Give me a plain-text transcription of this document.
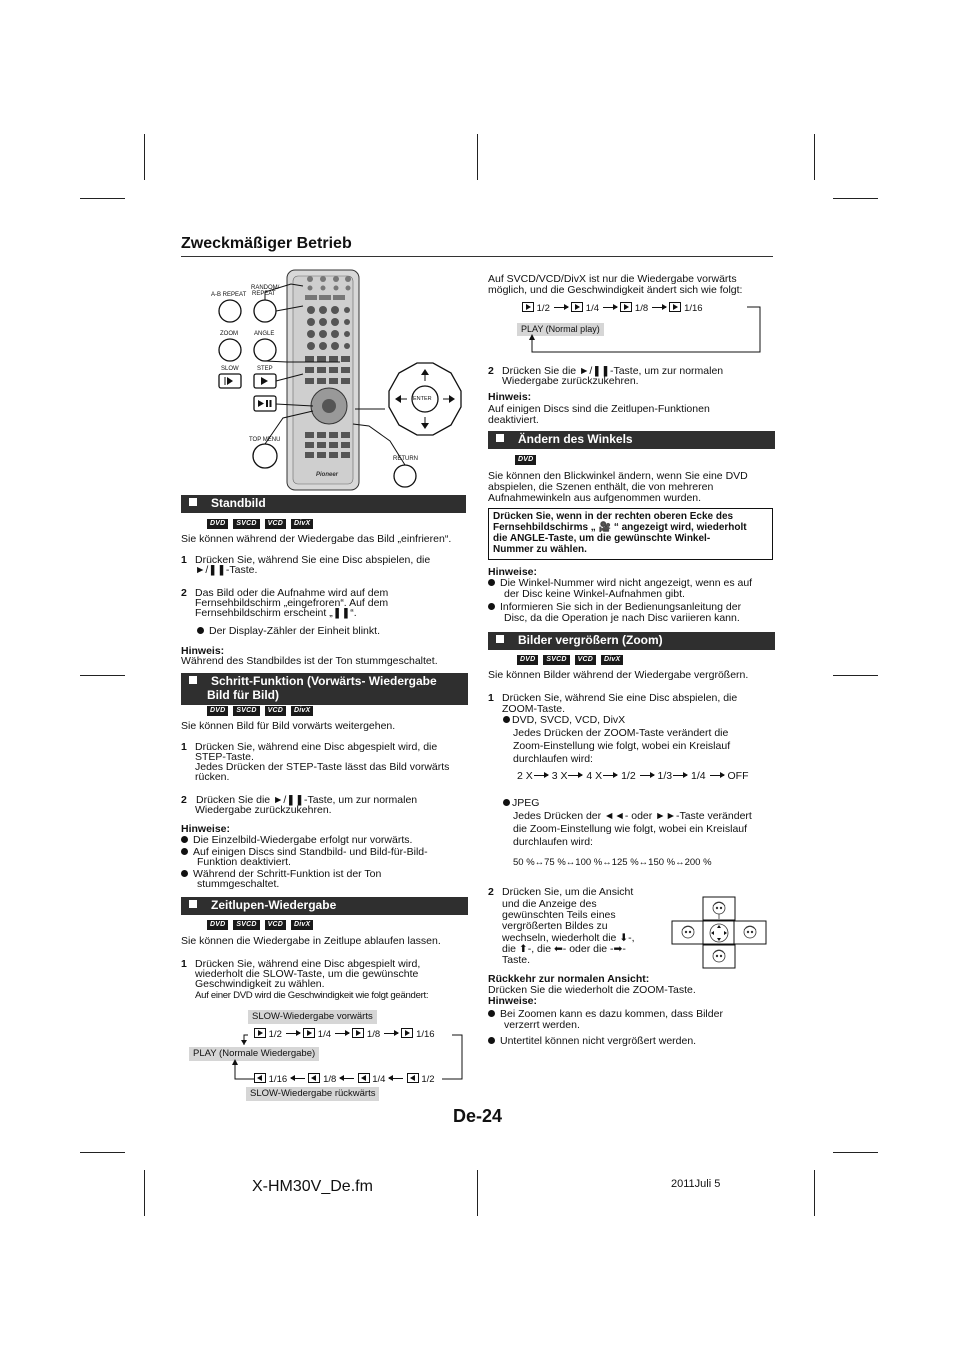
Zweckmäßiger Betrieb
A-B REPEAT
RANDOM/
REPEAT
ZOOM	ANGLE
SLOW	STEP
TOP MENU
RETURN
ENTER
Pioneer
Standbild
DVD	SVCD	VCD	DivX
Sie können während der Wiedergabe das Bild „einfrieren“.
1 Drücken Sie, während Sie eine Disc abspielen, die
►/❚❚-Taste.
2 Das Bild oder die Aufnahme wird auf dem
Fernsehbildschirm „eingefroren“. Auf dem
Fernsehbildschirm erscheint „❚❚“.
Der Display-Zähler der Einheit blinkt.
Hinweis:
Während des Standbildes ist der Ton stummgeschaltet.
Schritt-Funktion (Vorwärts- Wiedergabe Bild für Bild)
DVD	SVCD	VCD	DivX
Sie können Bild für Bild vorwärts weitergehen.
1 Drücken Sie, während eine Disc abgespielt wird, die
STEP-Taste.
Jedes Drücken der STEP-Taste lässt das Bild vorwärts
rücken.
2 Drücken Sie die ►/❚❚-Taste, um zur normalen
Wiedergabe zurückzukehren.
Hinweise:
Die Einzelbild-Wiedergabe erfolgt nur vorwärts.
Auf einigen Discs sind Standbild- und Bild-für-Bild-
Funktion deaktiviert.
Während der Schritt-Funktion ist der Ton
stummgeschaltet.
Zeitlupen-Wiedergabe
DVD	SVCD	VCD	DivX
Sie können die Wiedergabe in Zeitlupe ablaufen lassen.
1 Drücken Sie, während eine Disc abgespielt wird,
wiederholt die SLOW-Taste, um die gewünschte
Geschwindigkeit zu wählen.
Auf einer DVD wird die Geschwindigkeit wie folgt geändert:
SLOW-Wiedergabe vorwärts
1/2	1/4	1/8	1/16
PLAY (Normale Wiedergabe)
1/16	1/8	1/4	1/2
SLOW-Wiedergabe rückwärts
Auf SVCD/VCD/DivX ist nur die Wiedergabe vorwärts
möglich, und die Geschwindigkeit ändert sich wie folgt:
1/2	1/4	1/8	1/16
PLAY (Normal play)
2 Drücken Sie die ►/❚❚-Taste, um zur normalen
Wiedergabe zurückzukehren.
Hinweis:
Auf einigen Discs sind die Zeitlupen-Funktionen
deaktiviert.
Ändern des Winkels
DVD
Sie können den Blickwinkel ändern, wenn Sie eine DVD
abspielen, die Szenen enthält, die von mehreren
Aufnahmewinkeln aus aufgenommen wurden.
Drücken Sie, wenn in der rechten oberen Ecke des
Fernsehbildschirms „ 🎥 “ angezeigt wird, wiederholt
die ANGLE-Taste, um die gewünschte Winkel-
Nummer zu wählen.
Hinweise:
Die Winkel-Nummer wird nicht angezeigt, wenn es auf
der Disc keine Winkel-Aufnahmen gibt.
Informieren Sie sich in der Bedienungsanleitung der
Disc, da die Operation je nach Disc variieren kann.
Bilder vergrößern (Zoom)
DVD	SVCD	VCD	DivX
Sie können Bilder während der Wiedergabe vergrößern.
1 Drücken Sie, während Sie eine Disc abspielen, die
ZOOM-Taste.
DVD, SVCD, VCD, DivX
Jedes Drücken der ZOOM-Taste verändert die
Zoom-Einstellung wie folgt, wobei ein Kreislauf
durchlaufen wird:
2 X 3 X 4 X 1/2 1/3 1/4 OFF
JPEG
Jedes Drücken der ◄◄- oder ►►-Taste verändert
die Zoom-Einstellung wie folgt, wobei ein Kreislauf
durchlaufen wird:
50 %↔75 %↔100 %↔125 %↔150 %↔200 %
2 Drücken Sie, um die Ansicht
und die Anzeige des
gewünschten Teils eines
vergrößerten Bildes zu
wechseln, wiederholt die ⬇-,
die ⬆-, die ⬅- oder die -➡-
Taste.
Rückkehr zur normalen Ansicht:
Drücken Sie die wiederholt die ZOOM-Taste.
Hinweise:
Bei Zoomen kann es dazu kommen, dass Bilder
verzerrt werden.
Untertitel können nicht vergrößert werden.
De-24
X-HM30V_De.fm	2011Juli 5
